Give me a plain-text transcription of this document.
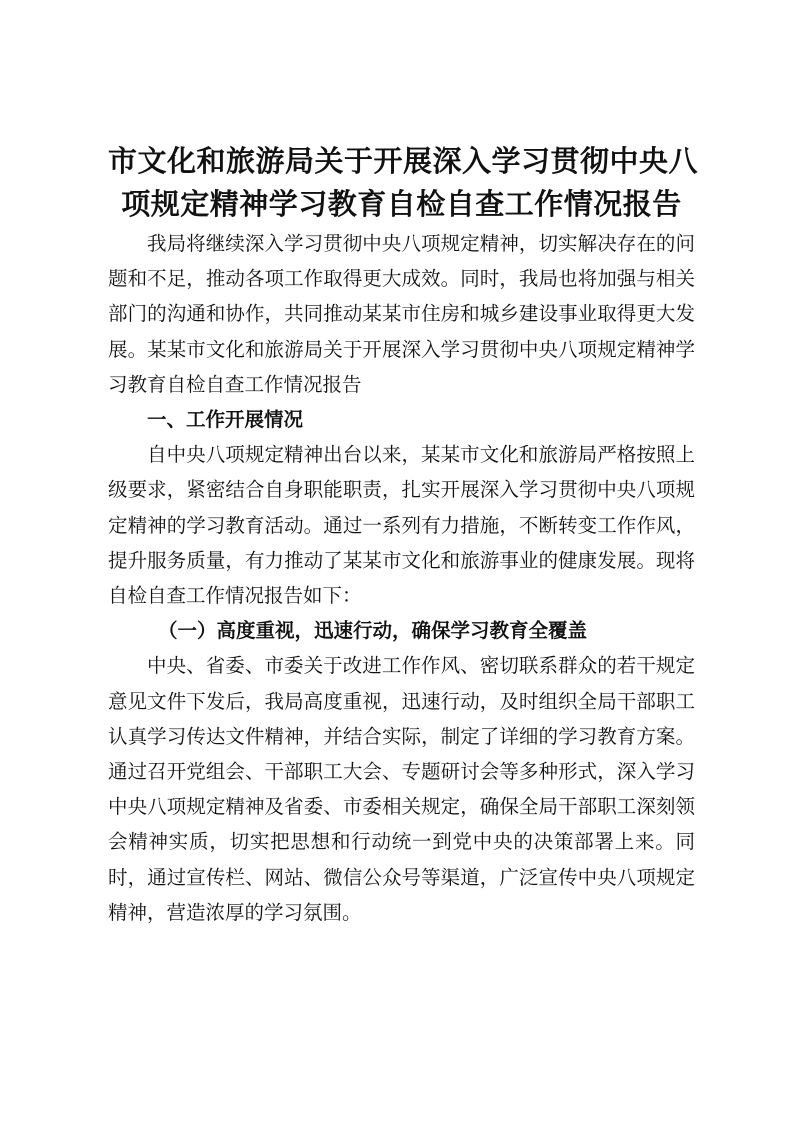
市文化和旅游局关于开展深入学习贯彻中央八
项规定精神学习教育自检自查工作情况报告

我局将继续深入学习贯彻中央八项规定精神，切实解决存在的问题和不足，推动各项工作取得更大成效。同时，我局也将加强与相关部门的沟通和协作，共同推动某某市住房和城乡建设事业取得更大发展。某某市文化和旅游局关于开展深入学习贯彻中央八项规定精神学习教育自检自查工作情况报告

一、工作开展情况

自中央八项规定精神出台以来，某某市文化和旅游局严格按照上级要求，紧密结合自身职能职责，扎实开展深入学习贯彻中央八项规定精神的学习教育活动。通过一系列有力措施，不断转变工作作风，提升服务质量，有力推动了某某市文化和旅游事业的健康发展。现将自检自查工作情况报告如下：

（一）高度重视，迅速行动，确保学习教育全覆盖

中央、省委、市委关于改进工作作风、密切联系群众的若干规定意见文件下发后，我局高度重视，迅速行动，及时组织全局干部职工认真学习传达文件精神，并结合实际，制定了详细的学习教育方案。通过召开党组会、干部职工大会、专题研讨会等多种形式，深入学习中央八项规定精神及省委、市委相关规定，确保全局干部职工深刻领会精神实质，切实把思想和行动统一到党中央的决策部署上来。同时，通过宣传栏、网站、微信公众号等渠道，广泛宣传中央八项规定精神，营造浓厚的学习氛围。
